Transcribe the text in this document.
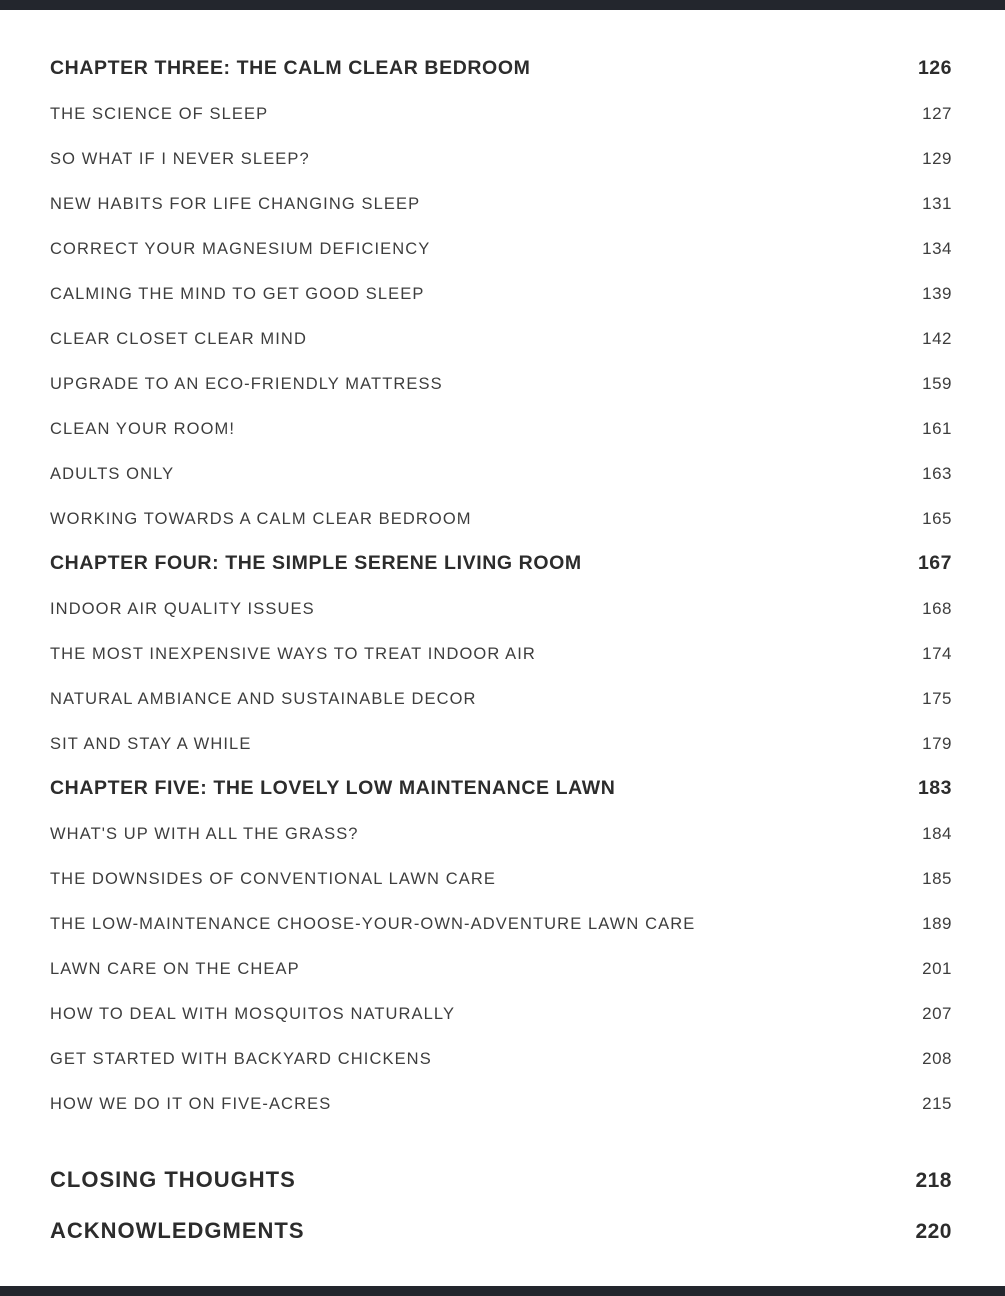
CHAPTER THREE: THE CALM CLEAR BEDROOM	126
THE SCIENCE OF SLEEP	127
SO WHAT IF I NEVER SLEEP?	129
NEW HABITS FOR LIFE CHANGING SLEEP	131
CORRECT YOUR MAGNESIUM DEFICIENCY	134
CALMING THE MIND TO GET GOOD SLEEP	139
CLEAR CLOSET CLEAR MIND	142
UPGRADE TO AN ECO-FRIENDLY MATTRESS	159
CLEAN YOUR ROOM!	161
ADULTS ONLY	163
WORKING TOWARDS A CALM CLEAR BEDROOM	165
CHAPTER FOUR: THE SIMPLE SERENE LIVING ROOM	167
INDOOR AIR QUALITY ISSUES	168
THE MOST INEXPENSIVE WAYS TO TREAT INDOOR AIR	174
NATURAL AMBIANCE AND SUSTAINABLE DECOR	175
SIT AND STAY A WHILE	179
CHAPTER FIVE: THE LOVELY LOW MAINTENANCE LAWN	183
WHAT'S UP WITH ALL THE GRASS?	184
THE DOWNSIDES OF CONVENTIONAL LAWN CARE	185
THE LOW-MAINTENANCE CHOOSE-YOUR-OWN-ADVENTURE LAWN CARE	189
LAWN CARE ON THE CHEAP	201
HOW TO DEAL WITH MOSQUITOS NATURALLY	207
GET STARTED WITH BACKYARD CHICKENS	208
HOW WE DO IT ON FIVE-ACRES	215
CLOSING THOUGHTS	218
ACKNOWLEDGMENTS	220
